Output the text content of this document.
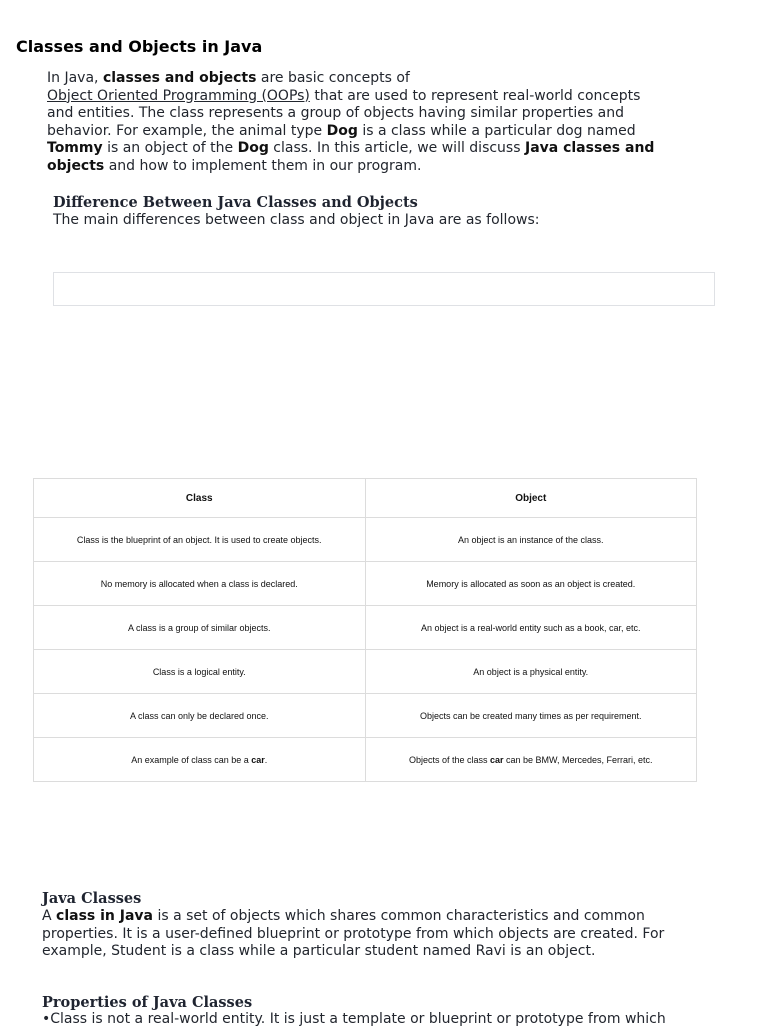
Classes and Objects in Java
In Java, classes and objects are basic concepts of
Object Oriented Programming (OOPs) that are used to represent real-world concepts and entities. The class represents a group of objects having similar properties and behavior. For example, the animal type Dog is a class while a particular dog named Tommy is an object of the Dog class. In this article, we will discuss Java classes and objects and how to implement them in our program.
Difference Between Java Classes and Objects
The main differences between class and object in Java are as follows:
Class	Object
Class is the blueprint of an object. It is used to create objects.	An object is an instance of the class.
No memory is allocated when a class is declared.	Memory is allocated as soon as an object is created.
A class is a group of similar objects.	An object is a real-world entity such as a book, car, etc.
Class is a logical entity.	An object is a physical entity.
A class can only be declared once.	Objects can be created many times as per requirement.
An example of class can be a car.	Objects of the class car can be BMW, Mercedes, Ferrari, etc.
Java Classes
A class in Java is a set of objects which shares common characteristics and common properties. It is a user-defined blueprint or prototype from which objects are created. For example, Student is a class while a particular student named Ravi is an object.
Properties of Java Classes
•Class is not a real-world entity. It is just a template or blueprint or prototype from which
